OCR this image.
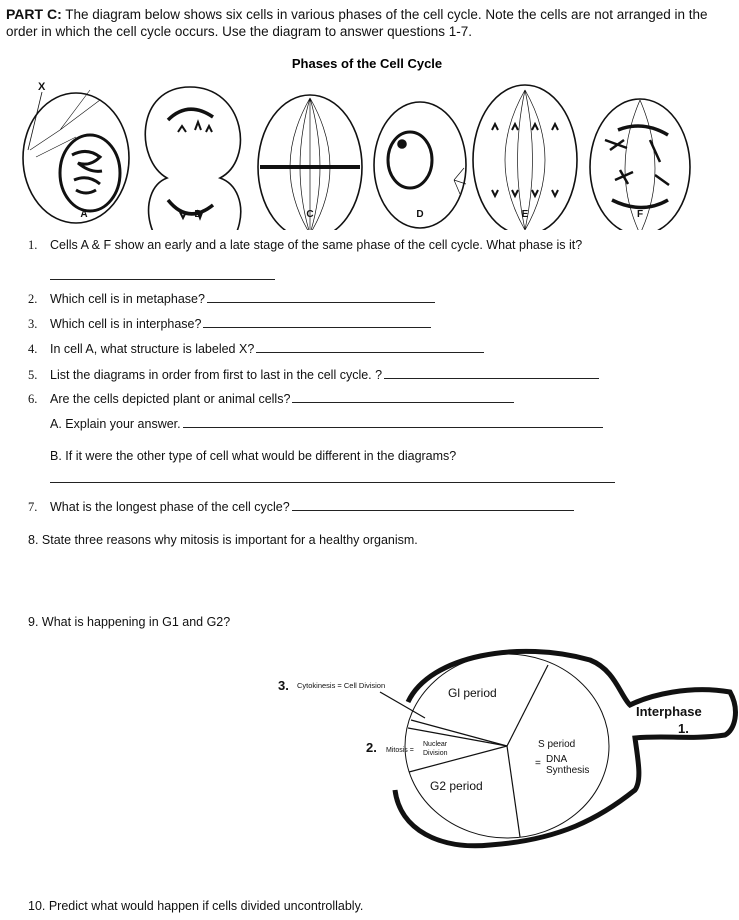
PART C: The diagram below shows six cells in various phases of the cell cycle. Note the cells are not arranged in the order in which the cell cycle occurs. Use the diagram to answer questions 1-7.
Phases of the Cell Cycle
X
A	B	C	D	E	F
1. Cells A & F show an early and a late stage of the same phase of the cell cycle. What phase is it?
2. Which cell is in metaphase?
3. Which cell is in interphase?
4. In cell A, what structure is labeled X?
5. List the diagrams in order from first to last in the cell cycle. ?
6. Are the cells depicted plant or animal cells?
A. Explain your answer.
B. If it were the other type of cell what would be different in the diagrams?
7. What is the longest phase of the cell cycle?
8. State three reasons why mitosis is important for a healthy organism.
9. What is happening in G1 and G2?
10. Predict what would happen if cells divided uncontrollably.
Gl period
G2 period
S period
= DNA
Synthesis
Interphase
1.
2. Mitosis =
Nuclear
Division
3. Cytokinesis = Cell Division
